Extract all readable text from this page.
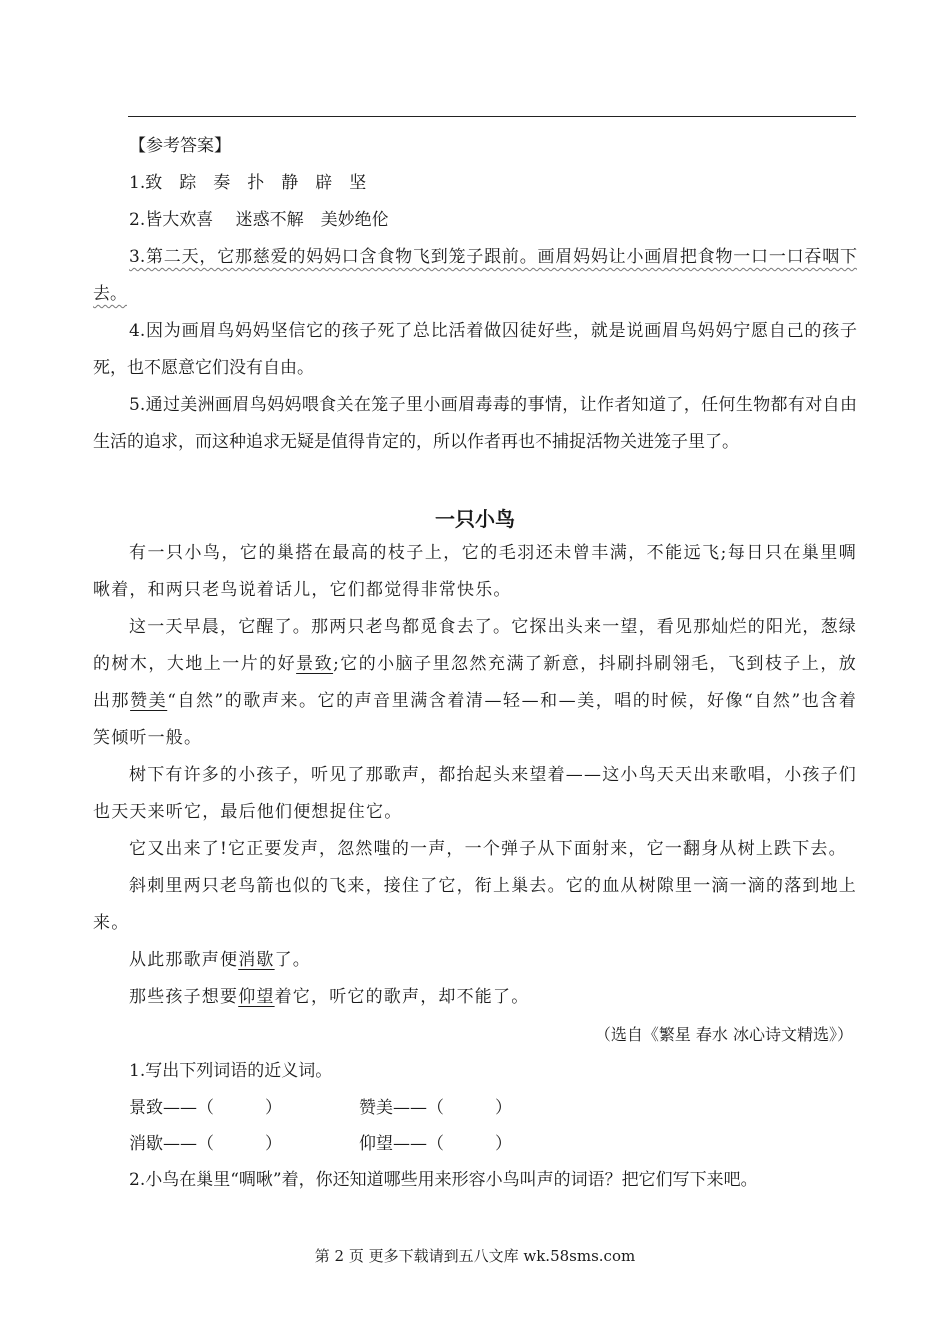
【参考答案】

1.致　踪　奏　扑　静　辟　坚

2.皆大欢喜　 迷惑不解　美妙绝伦

3.第二天，它那慈爱的妈妈口含食物飞到笼子跟前。画眉妈妈让小画眉把食物一口一口吞咽下去。

4.因为画眉鸟妈妈坚信它的孩子死了总比活着做囚徒好些，就是说画眉鸟妈妈宁愿自己的孩子死，也不愿意它们没有自由。

5.通过美洲画眉鸟妈妈喂食关在笼子里小画眉毒毒的事情，让作者知道了，任何生物都有对自由生活的追求，而这种追求无疑是值得肯定的，所以作者再也不捕捉活物关进笼子里了。

一只小鸟

有一只小鸟，它的巢搭在最高的枝子上，它的毛羽还未曾丰满，不能远飞;每日只在巢里啁啾着，和两只老鸟说着话儿，它们都觉得非常快乐。

这一天早晨，它醒了。那两只老鸟都觅食去了。它探出头来一望，看见那灿烂的阳光，葱绿的树木，大地上一片的好景致;它的小脑子里忽然充满了新意，抖刷抖刷翎毛，飞到枝子上，放出那赞美“自然”的歌声来。它的声音里满含着清—轻—和—美，唱的时候，好像“自然”也含着笑倾听一般。

树下有许多的小孩子，听见了那歌声，都抬起头来望着——这小鸟天天出来歌唱，小孩子们也天天来听它，最后他们便想捉住它。

它又出来了!它正要发声，忽然嗤的一声，一个弹子从下面射来，它一翻身从树上跌下去。

斜刺里两只老鸟箭也似的飞来，接住了它，衔上巢去。它的血从树隙里一滴一滴的落到地上来。

从此那歌声便消歇了。

那些孩子想要仰望着它，听它的歌声，却不能了。

（选自《繁星 春水 冰心诗文精选》）

1.写出下列词语的近义词。

景致——（　　　）	赞美——（　　　）
消歇——（　　　）	仰望——（　　　）

2.小鸟在巢里“啁啾”着，你还知道哪些用来形容小鸟叫声的词语？把它们写下来吧。

第 2 页 更多下载请到五八文库 wk.58sms.com
